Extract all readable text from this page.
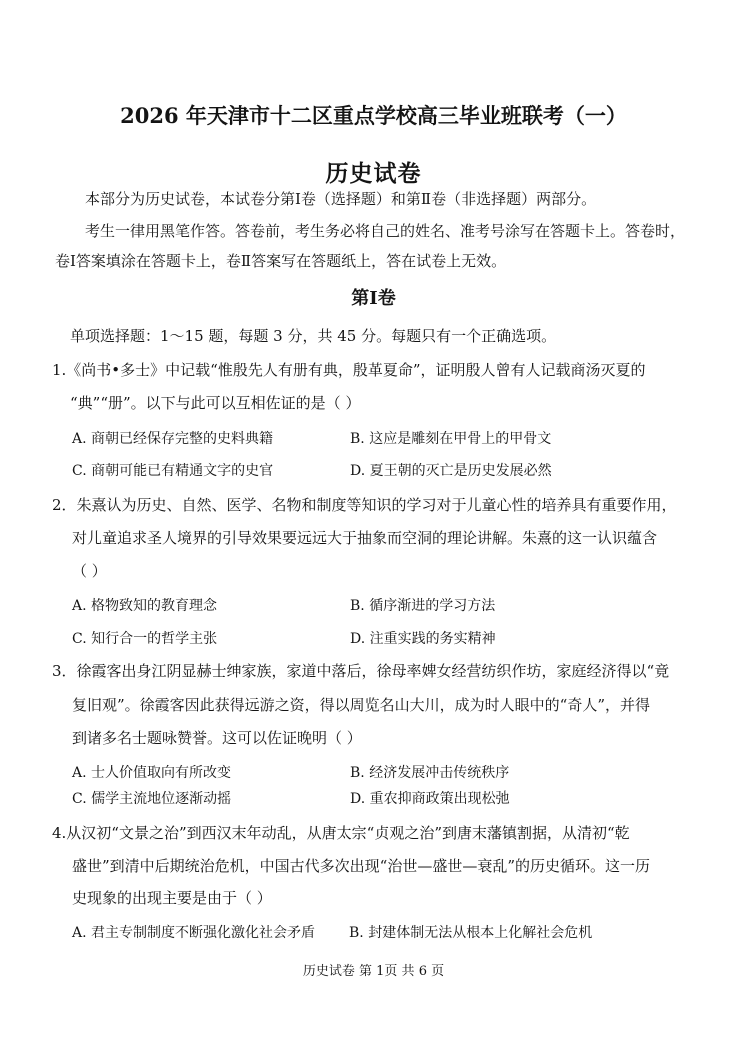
2026 年天津市十二区重点学校高三毕业班联考（一）
历史试卷
本部分为历史试卷，本试卷分第Ⅰ卷（选择题）和第Ⅱ卷（非选择题）两部分。
考生一律用黑笔作答。答卷前，考生务必将自己的姓名、准考号涂写在答题卡上。答卷时，
卷Ⅰ答案填涂在答题卡上，卷Ⅱ答案写在答题纸上，答在试卷上无效。
第Ⅰ卷
单项选择题：1～15 题，每题 3 分，共 45 分。每题只有一个正确选项。
1.《尚书•多士》中记载“惟殷先人有册有典，殷革夏命”，证明殷人曾有人记载商汤灭夏的
“典”“册”。以下与此可以互相佐证的是（ ）
A. 商朝已经保存完整的史料典籍	B. 这应是雕刻在甲骨上的甲骨文
C. 商朝可能已有精通文字的史官	D. 夏王朝的灭亡是历史发展必然
2．朱熹认为历史、自然、医学、名物和制度等知识的学习对于儿童心性的培养具有重要作用，
对儿童追求圣人境界的引导效果要远远大于抽象而空洞的理论讲解。朱熹的这一认识蕴含
（ ）
A. 格物致知的教育理念	B. 循序渐进的学习方法
C. 知行合一的哲学主张	D. 注重实践的务实精神
3．徐霞客出身江阴显赫士绅家族，家道中落后，徐母率婢女经营纺织作坊，家庭经济得以“竟
复旧观”。徐霞客因此获得远游之资，得以周览名山大川，成为时人眼中的“奇人”，并得
到诸多名士题咏赞誉。这可以佐证晚明（ ）
A. 士人价值取向有所改变	B. 经济发展冲击传统秩序
C. 儒学主流地位逐渐动摇	D. 重农抑商政策出现松弛
4.从汉初“文景之治”到西汉末年动乱，从唐太宗“贞观之治”到唐末藩镇割据，从清初“乾
盛世”到清中后期统治危机，中国古代多次出现“治世—盛世—衰乱”的历史循环。这一历
史现象的出现主要是由于（ ）
A. 君主专制制度不断强化激化社会矛盾 B. 封建体制无法从根本上化解社会危机
历史试卷 第 1页 共 6 页
